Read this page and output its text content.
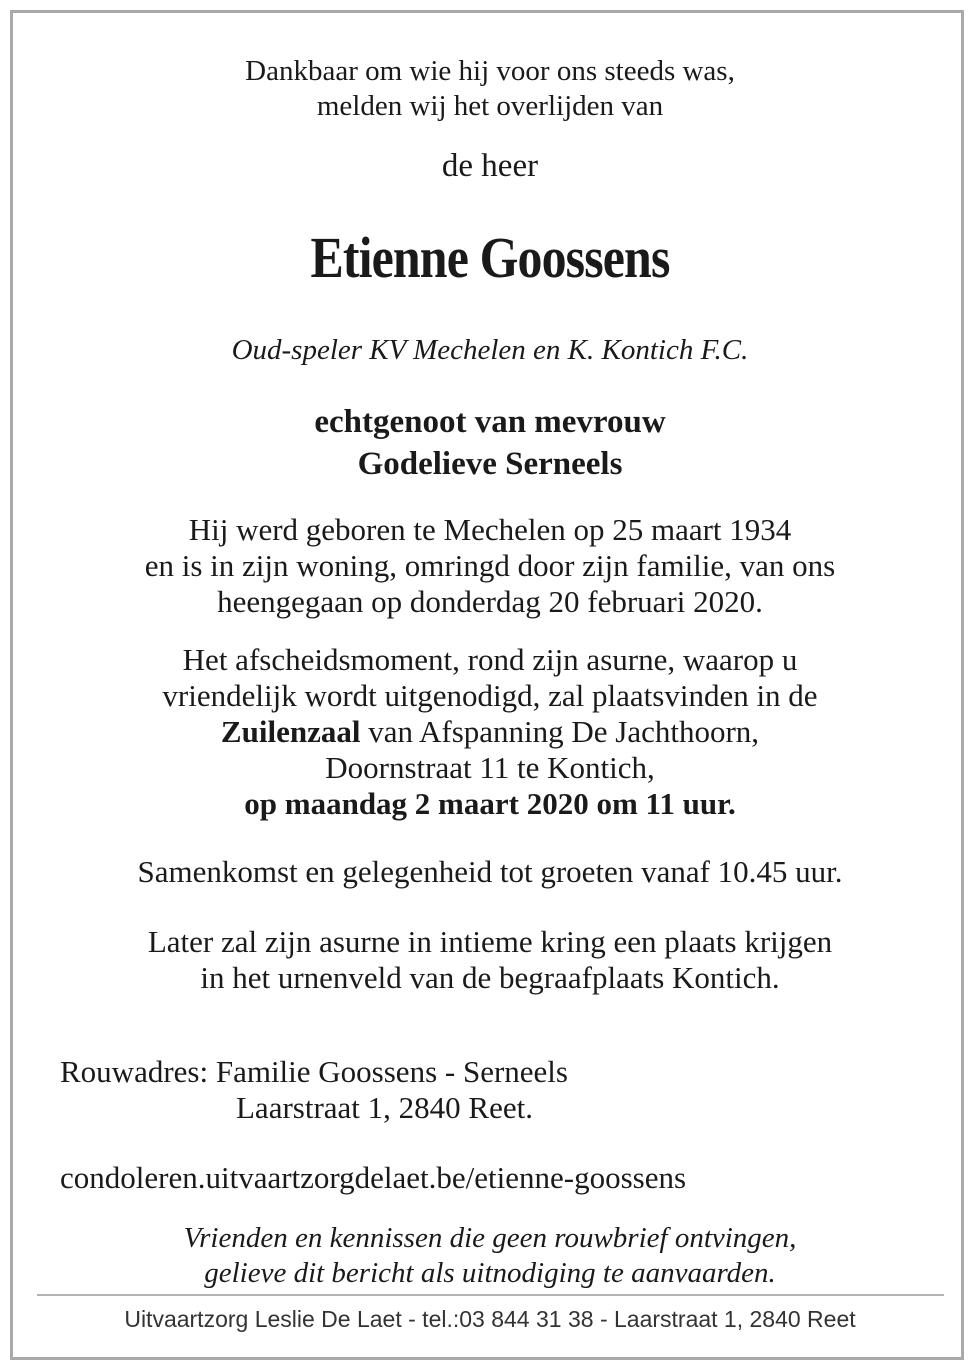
Dankbaar om wie hij voor ons steeds was,
melden wij het overlijden van
de heer
Etienne Goossens
Oud-speler KV Mechelen en K. Kontich F.C.
echtgenoot van mevrouw
Godelieve Serneels
Hij werd geboren te Mechelen op 25 maart 1934
en is in zijn woning, omringd door zijn familie, van ons
heengegaan op donderdag 20 februari 2020.
Het afscheidsmoment, rond zijn asurne, waarop u
vriendelijk wordt uitgenodigd, zal plaatsvinden in de
Zuilenzaal van Afspanning De Jachthoorn,
Doornstraat 11 te Kontich,
op maandag 2 maart 2020 om 11 uur.
Samenkomst en gelegenheid tot groeten vanaf 10.45 uur.
Later zal zijn asurne in intieme kring een plaats krijgen
in het urnenveld van de begraafplaats Kontich.
Rouwadres: Familie Goossens - Serneels
Laarstraat 1, 2840 Reet.
condoleren.uitvaartzorgdelaet.be/etienne-goossens
Vrienden en kennissen die geen rouwbrief ontvingen,
gelieve dit bericht als uitnodiging te aanvaarden.
Uitvaartzorg Leslie De Laet - tel.:03 844 31 38 - Laarstraat 1, 2840 Reet
